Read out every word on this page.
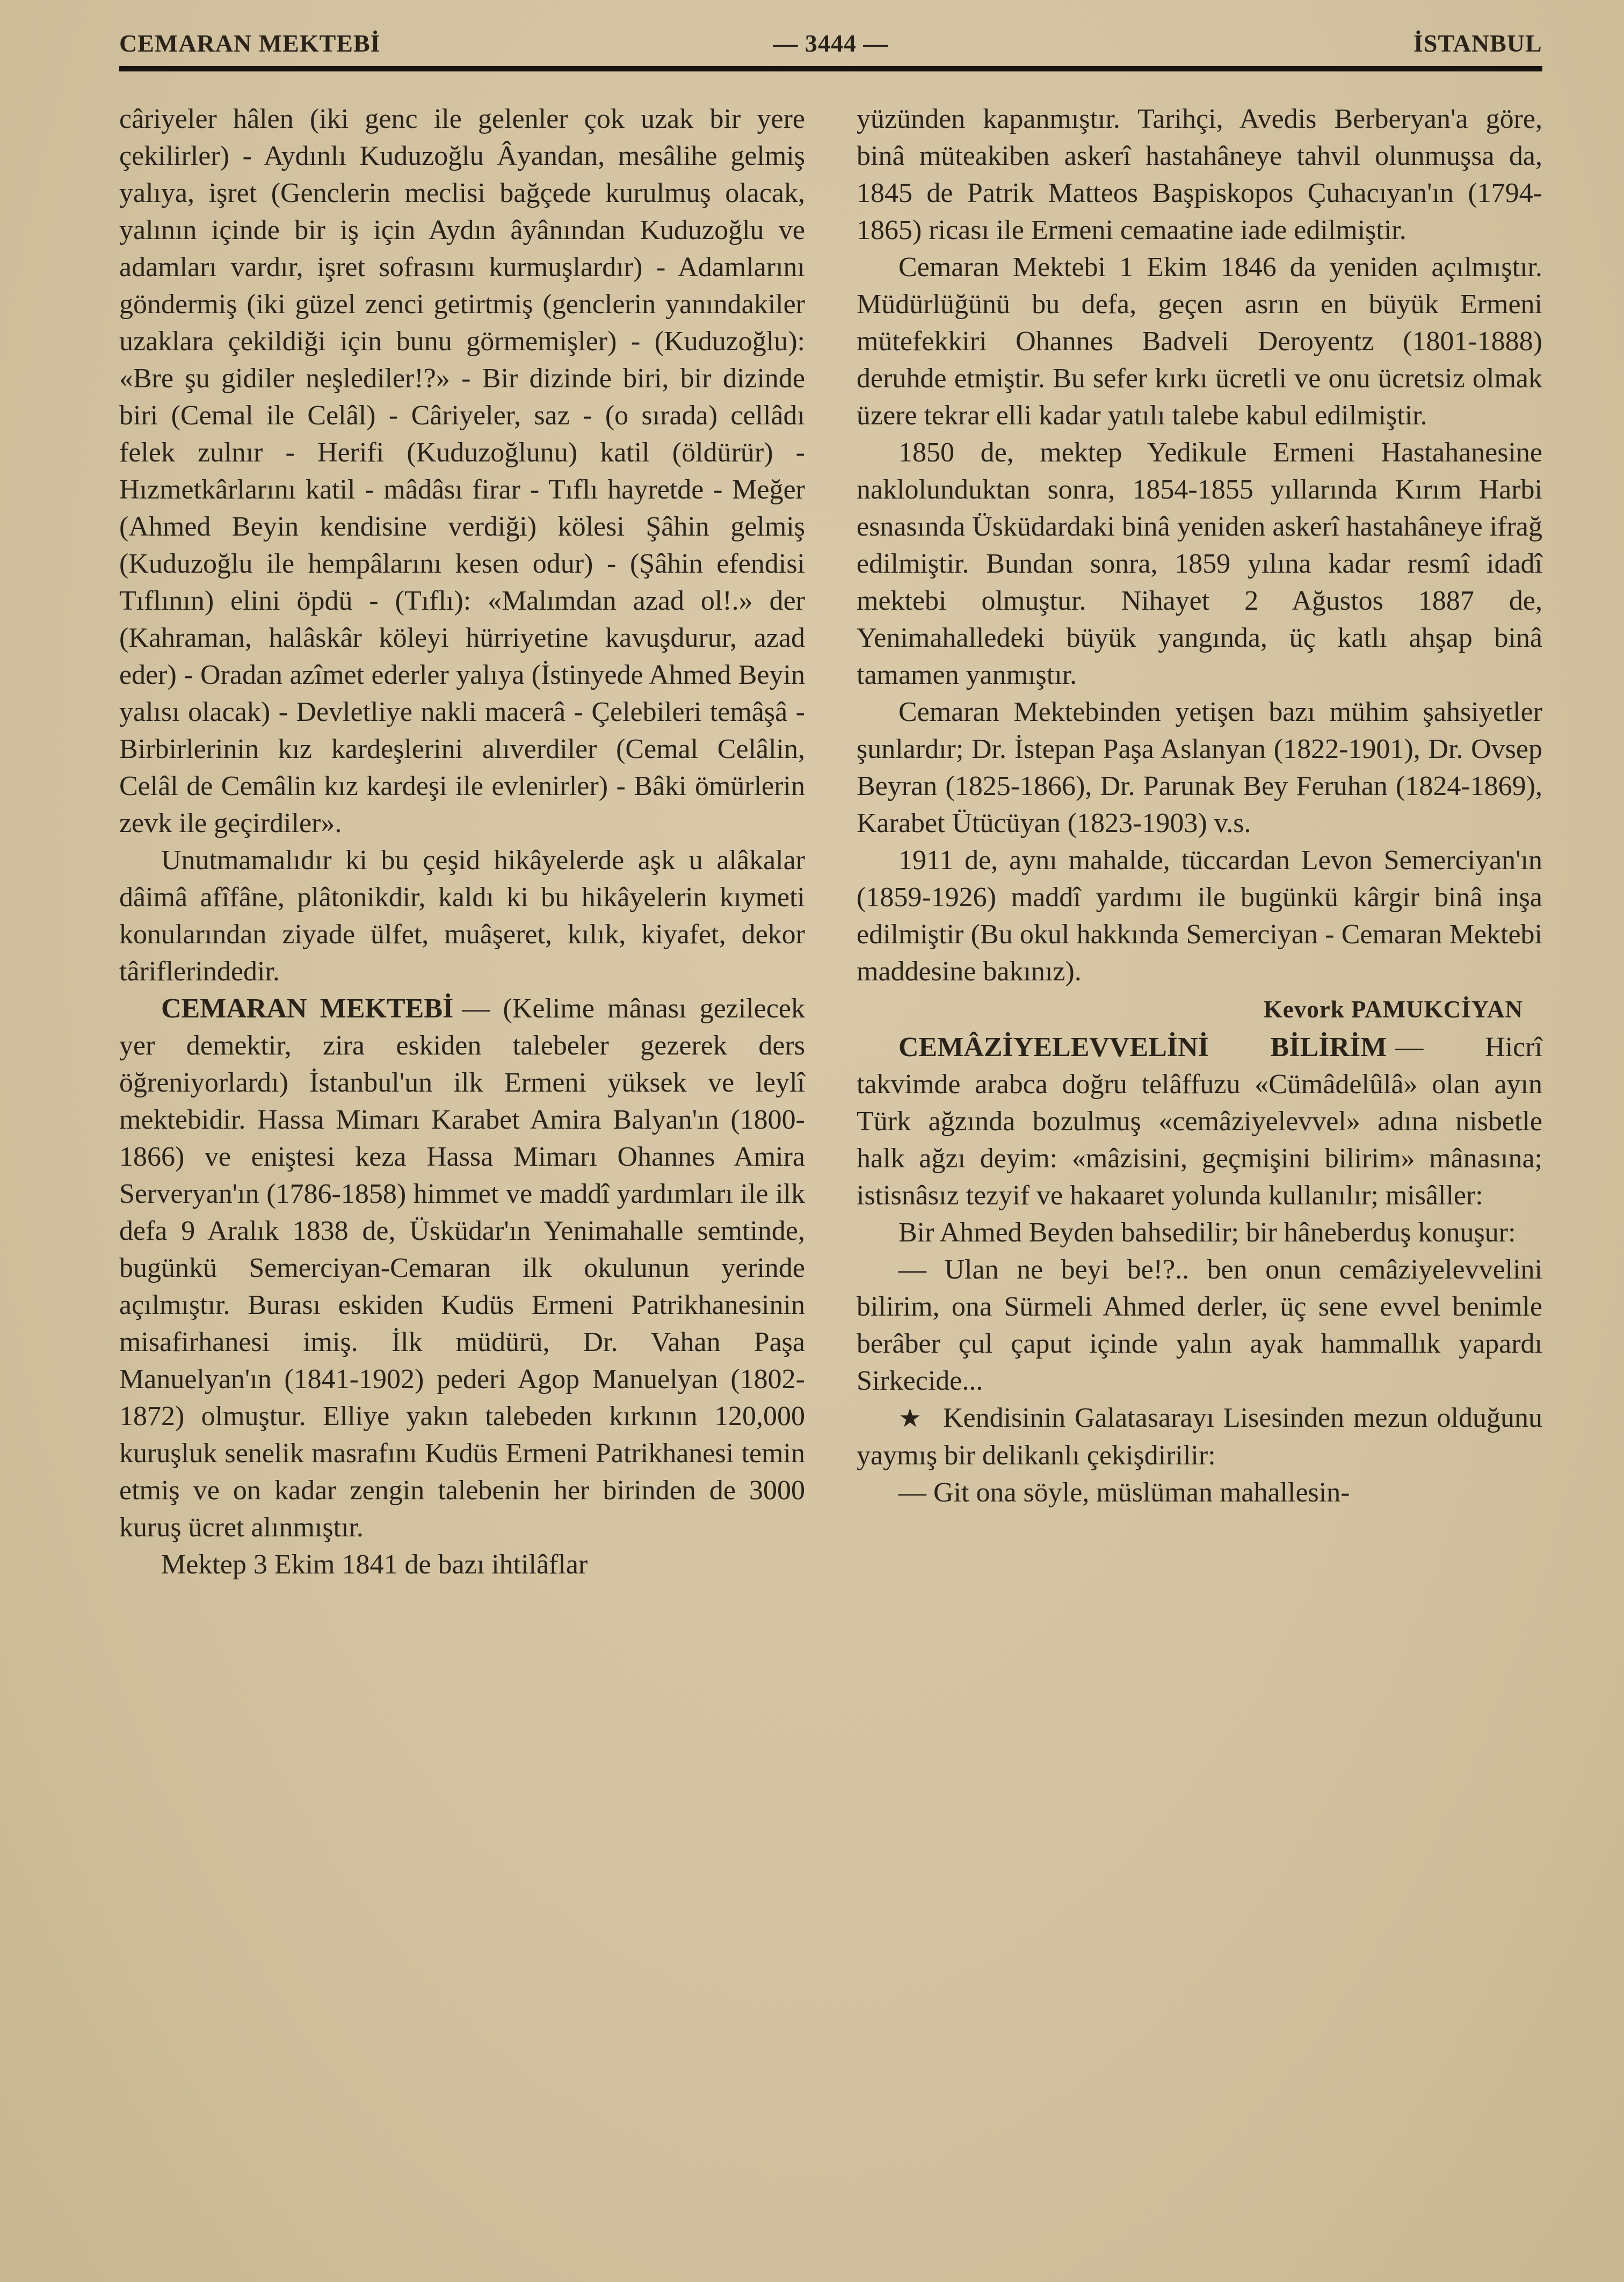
CEMARAN MEKTEBİ	— 3444 —	İSTANBUL

câriyeler hâlen (iki genc ile gelenler çok uzak bir yere çekilirler) - Aydınlı Kuduzoğlu Âyandan, mesâlihe gelmiş yalıya, işret (Genclerin meclisi bağçede kurulmuş olacak, yalının içinde bir iş için Aydın âyânından Kuduzoğlu ve adamları vardır, işret sofrasını kurmuşlardır) - Adamlarını göndermiş (iki güzel zenci getirtmiş (genclerin yanındakiler uzaklara çekildiği için bunu görmemişler) - (Kuduzoğlu): «Bre şu gidiler neşlediler!?» - Bir dizinde biri, bir dizinde biri (Cemal ile Celâl) - Câriyeler, saz - (o sırada) cellâdı felek zulnır - Herifi (Kuduzoğlunu) katil (öldürür) - Hızmetkârlarını katil - mâdâsı firar - Tıflı hayretde - Meğer (Ahmed Beyin kendisine verdiği) kölesi Şâhin gelmiş (Kuduzoğlu ile hempâlarını kesen odur) - (Şâhin efendisi Tıflının) elini öpdü - (Tıflı): «Malımdan azad ol!.» der (Kahraman, halâskâr köleyi hürriyetine kavuşdurur, azad eder) - Oradan azîmet ederler yalıya (İstinyede Ahmed Beyin yalısı olacak) - Devletliye nakli macerâ - Çelebileri temâşâ - Birbirlerinin kız kardeşlerini alıverdiler (Cemal Celâlin, Celâl de Cemâlin kız kardeşi ile evlenirler) - Bâki ömürlerin zevk ile geçirdiler».

Unutmamalıdır ki bu çeşid hikâyelerde aşk u alâkalar dâimâ afîfâne, plâtonikdir, kaldı ki bu hikâyelerin kıymeti konularından ziyade ülfet, muâşeret, kılık, kiyafet, dekor târiflerindedir.

CEMARAN MEKTEBİ — (Kelime mânası gezilecek yer demektir, zira eskiden talebeler gezerek ders öğreniyorlardı) İstanbul'un ilk Ermeni yüksek ve leylî mektebidir. Hassa Mimarı Karabet Amira Balyan'ın (1800-1866) ve eniştesi keza Hassa Mimarı Ohannes Amira Serveryan'ın (1786-1858) himmet ve maddî yardımları ile ilk defa 9 Aralık 1838 de, Üsküdar'ın Yenimahalle semtinde, bugünkü Semerciyan-Cemaran ilk okulunun yerinde açılmıştır. Burası eskiden Kudüs Ermeni Patrikhanesinin misafirhanesi imiş. İlk müdürü, Dr. Vahan Paşa Manuelyan'ın (1841-1902) pederi Agop Manuelyan (1802-1872) olmuştur. Elliye yakın talebeden kırkının 120,000 kuruşluk senelik masrafını Kudüs Ermeni Patrikhanesi temin etmiş ve on kadar zengin talebenin her birinden de 3000 kuruş ücret alınmıştır.

Mektep 3 Ekim 1841 de bazı ihtilâflar

yüzünden kapanmıştır. Tarihçi, Avedis Berberyan'a göre, binâ müteakiben askerî hastahâneye tahvil olunmuşsa da, 1845 de Patrik Matteos Başpiskopos Çuhacıyan'ın (1794-1865) ricası ile Ermeni cemaatine iade edilmiştir.

Cemaran Mektebi 1 Ekim 1846 da yeniden açılmıştır. Müdürlüğünü bu defa, geçen asrın en büyük Ermeni mütefekkiri Ohannes Badveli Deroyentz (1801-1888) deruhde etmiştir. Bu sefer kırkı ücretli ve onu ücretsiz olmak üzere tekrar elli kadar yatılı talebe kabul edilmiştir.

1850 de, mektep Yedikule Ermeni Hastahanesine naklolunduktan sonra, 1854-1855 yıllarında Kırım Harbi esnasında Üsküdardaki binâ yeniden askerî hastahâneye ifrağ edilmiştir. Bundan sonra, 1859 yılına kadar resmî idadî mektebi olmuştur. Nihayet 2 Ağustos 1887 de, Yenimahalledeki büyük yangında, üç katlı ahşap binâ tamamen yanmıştır.

Cemaran Mektebinden yetişen bazı mühim şahsiyetler şunlardır; Dr. İstepan Paşa Aslanyan (1822-1901), Dr. Ovsep Beyran (1825-1866), Dr. Parunak Bey Feruhan (1824-1869), Karabet Ütücüyan (1823-1903) v.s.

1911 de, aynı mahalde, tüccardan Levon Semerciyan'ın (1859-1926) maddî yardımı ile bugünkü kârgir binâ inşa edilmiştir (Bu okul hakkında Semerciyan - Cemaran Mektebi maddesine bakınız).

Kevork PAMUKCİYAN

CEMÂZİYELEVVELİNİ BİLİRİM — Hicrî takvimde arabca doğru telâffuzu «Cümâdelûlâ» olan ayın Türk ağzında bozulmuş «cemâziyelevvel» adına nisbetle halk ağzı deyim: «mâzisini, geçmişini bilirim» mânasına; istisnâsız tezyif ve hakaaret yolunda kullanılır; misâller:

Bir Ahmed Beyden bahsedilir; bir hâneberduş konuşur:

— Ulan ne beyi be!?.. ben onun cemâziyelevvelini bilirim, ona Sürmeli Ahmed derler, üç sene evvel benimle berâber çul çaput içinde yalın ayak hammallık yapardı Sirkecide...

★ Kendisinin Galatasarayı Lisesinden mezun olduğunu yaymış bir delikanlı çekişdirilir:

— Git ona söyle, müslüman mahallesin-
